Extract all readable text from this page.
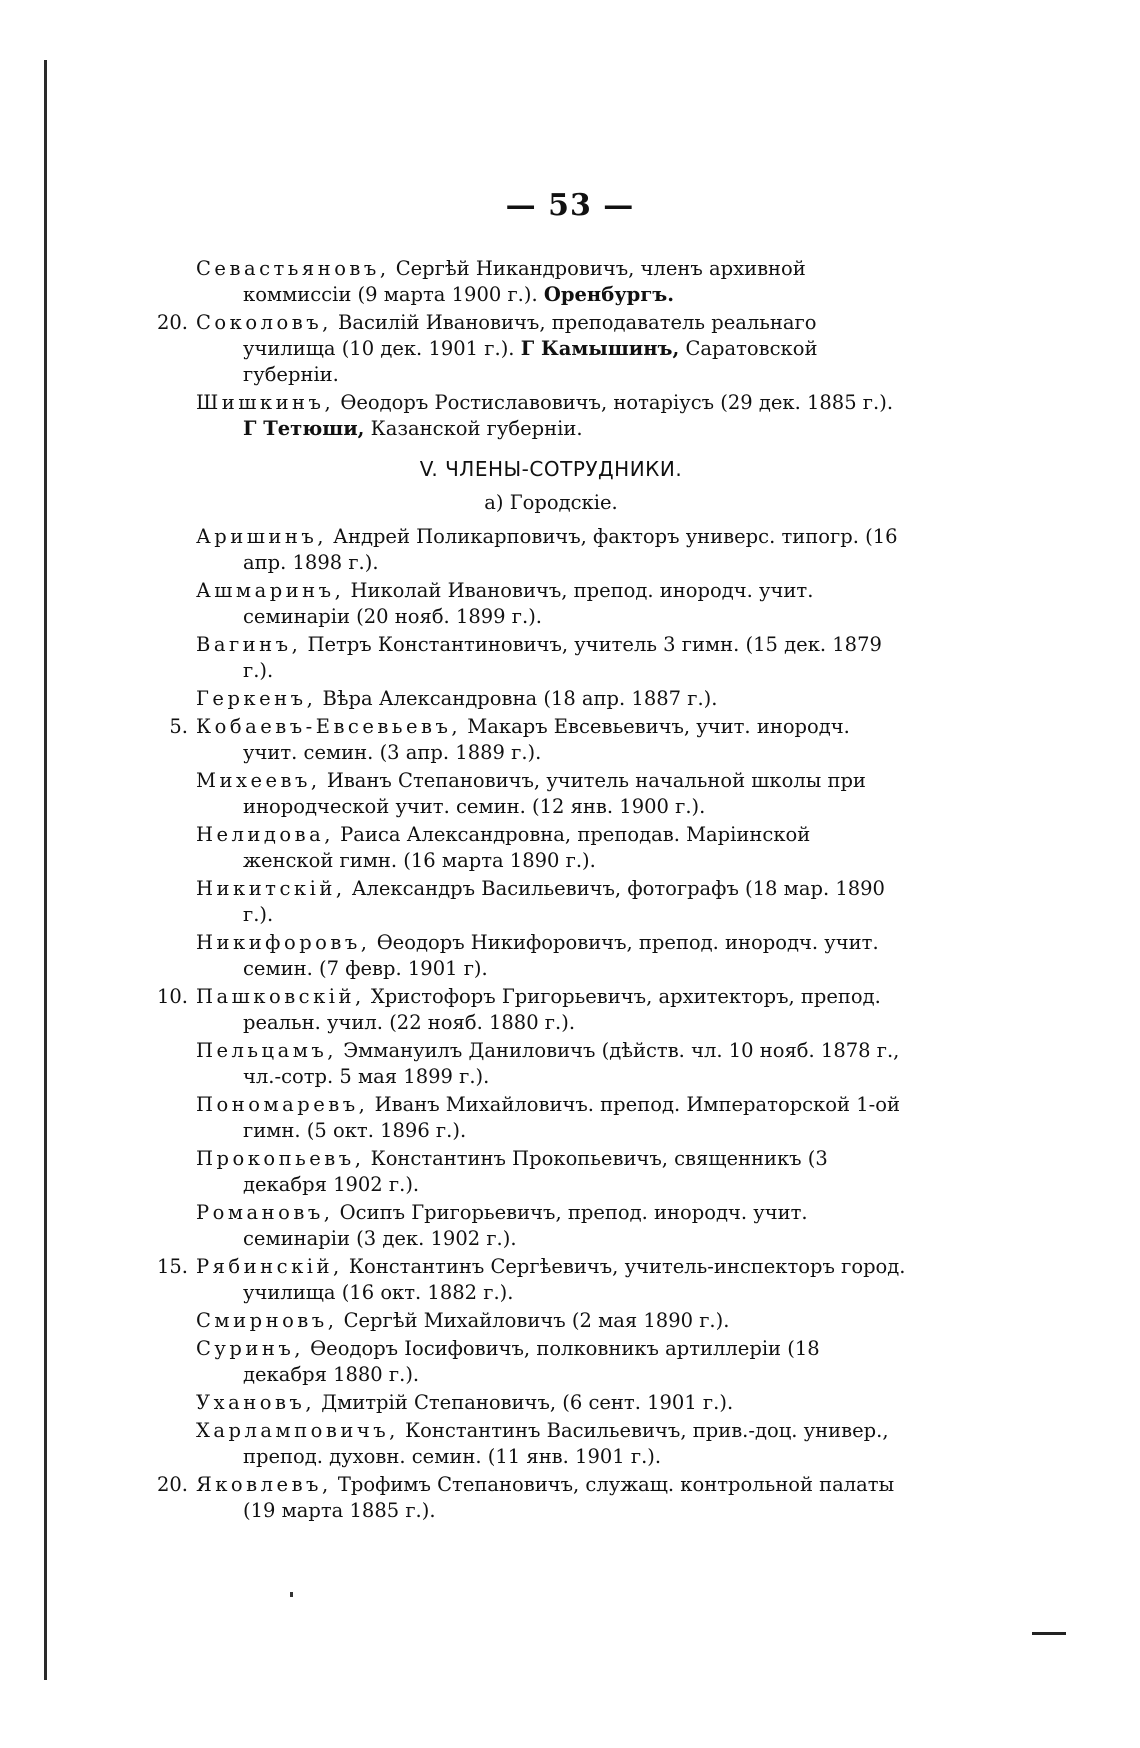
— 53 —
Севастьяновъ, Сергѣй Никандровичъ, членъ архивной коммиссіи (9 марта 1900 г.). Оренбургъ.
20. Соколовъ, Василій Ивановичъ, преподаватель реальнаго училища (10 дек. 1901 г.). Г Камышинъ, Саратовской губерніи.
Шишкинъ, Ѳеодоръ Ростиславовичъ, нотаріусъ (29 дек. 1885 г.). Г Тетюши, Казанской губерніи.
V. ЧЛЕНЫ-СОТРУДНИКИ.
а) Городскіе.
Аришинъ, Андрей Поликарповичъ, факторъ универс. типогр. (16 апр. 1898 г.).
Ашмаринъ, Николай Ивановичъ, препод. инородч. учит. семинаріи (20 нояб. 1899 г.).
Вагинъ, Петръ Константиновичъ, учитель 3 гимн. (15 дек. 1879 г.).
Геркенъ, Вѣра Александровна (18 апр. 1887 г.).
5. Кобаевъ-Евсевьевъ, Макаръ Евсевьевичъ, учит. инородч. учит. семин. (3 апр. 1889 г.).
Михеевъ, Иванъ Степановичъ, учитель начальной школы при инородческой учит. семин. (12 янв. 1900 г.).
Нелидова, Раиса Александровна, преподав. Маріинской женской гимн. (16 марта 1890 г.).
Никитскій, Александръ Васильевичъ, фотографъ (18 мар. 1890 г.).
Никифоровъ, Ѳеодоръ Никифоровичъ, препод. инородч. учит. семин. (7 февр. 1901 г).
10. Пашковскій, Христофоръ Григорьевичъ, архитекторъ, препод. реальн. учил. (22 нояб. 1880 г.).
Пельцамъ, Эммануилъ Даниловичъ (дѣйств. чл. 10 нояб. 1878 г., чл.-сотр. 5 мая 1899 г.).
Пономаревъ, Иванъ Михайловичъ. препод. Императорской 1-ой гимн. (5 окт. 1896 г.).
Прокопьевъ, Константинъ Прокопьевичъ, священникъ (3 декабря 1902 г.).
Романовъ, Осипъ Григорьевичъ, препод. инородч. учит. семинаріи (3 дек. 1902 г.).
15. Рябинскій, Константинъ Сергѣевичъ, учитель-инспекторъ город. училища (16 окт. 1882 г.).
Смирновъ, Сергѣй Михайловичъ (2 мая 1890 г.).
Суринъ, Ѳеодоръ Іосифовичъ, полковникъ артиллеріи (18 декабря 1880 г.).
Ухановъ, Дмитрій Степановичъ, (6 сент. 1901 г.).
Харламповичъ, Константинъ Васильевичъ, прив.-доц. универ., препод. духовн. семин. (11 янв. 1901 г.).
20. Яковлевъ, Трофимъ Степановичъ, служащ. контрольной палаты (19 марта 1885 г.).
